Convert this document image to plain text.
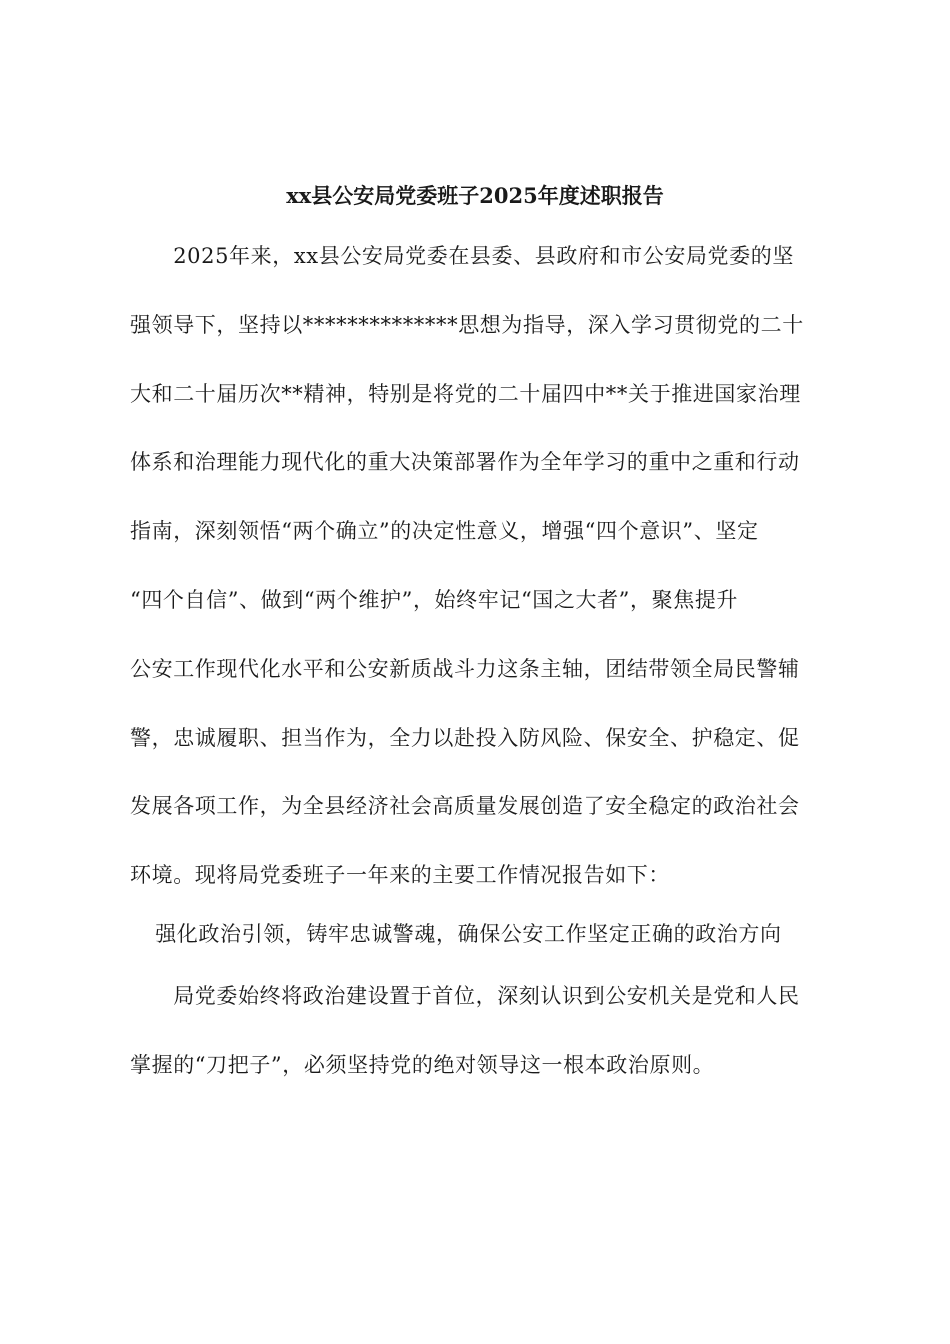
xx县公安局党委班子2025年度述职报告
　　2025年来，xx县公安局党委在县委、县政府和市公安局党委的坚
强领导下，坚持以**************思想为指导，深入学习贯彻党的二十
大和二十届历次**精神，特别是将党的二十届四中**关于推进国家治理
体系和治理能力现代化的重大决策部署作为全年学习的重中之重和行动
指南，深刻领悟“两个确立”的决定性意义，增强“四个意识”、坚定
“四个自信”、做到“两个维护”，始终牢记“国之大者”，聚焦提升
公安工作现代化水平和公安新质战斗力这条主轴，团结带领全局民警辅
警，忠诚履职、担当作为，全力以赴投入防风险、保安全、护稳定、促
发展各项工作，为全县经济社会高质量发展创造了安全稳定的政治社会
环境。现将局党委班子一年来的主要工作情况报告如下：
　　强化政治引领，铸牢忠诚警魂，确保公安工作坚定正确的政治方向
　　局党委始终将政治建设置于首位，深刻认识到公安机关是党和人民
掌握的“刀把子”，必须坚持党的绝对领导这一根本政治原则。
